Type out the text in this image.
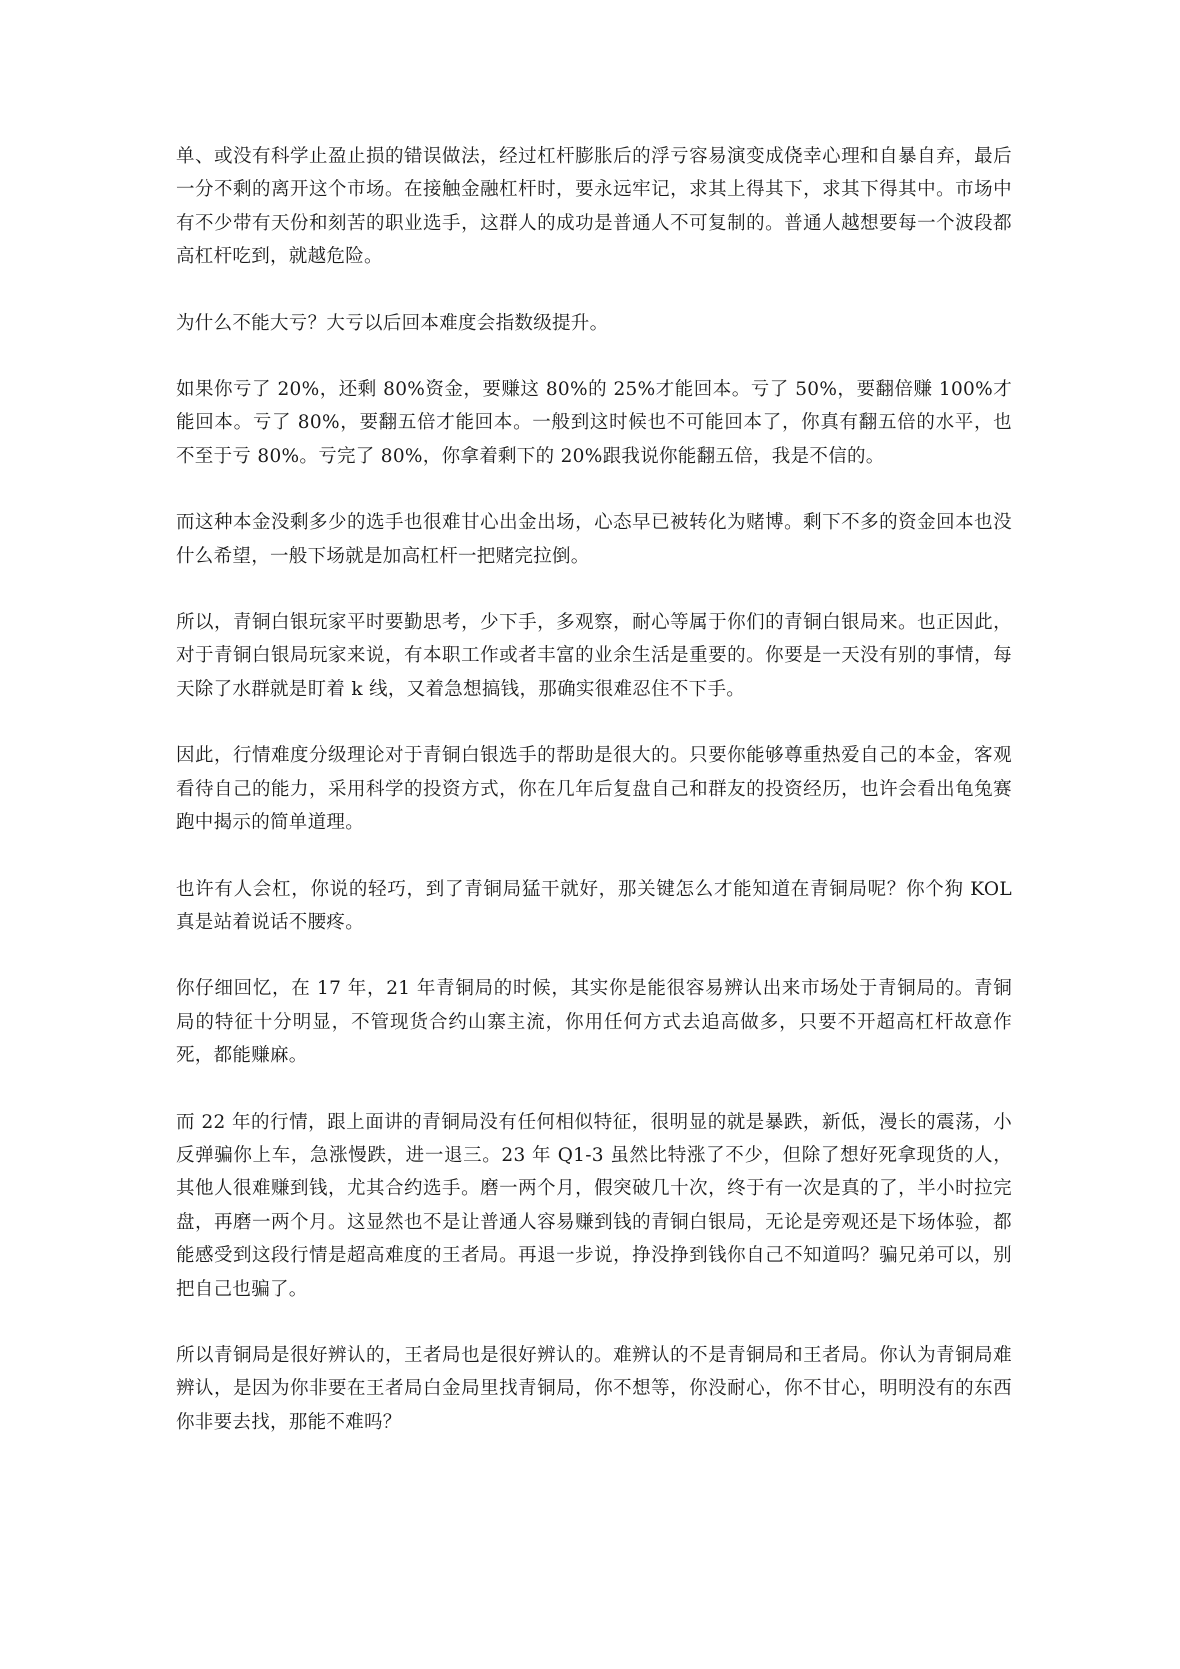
单、或没有科学止盈止损的错误做法，经过杠杆膨胀后的浮亏容易演变成侥幸心理和自暴自弃，最后一分不剩的离开这个市场。在接触金融杠杆时，要永远牢记，求其上得其下，求其下得其中。市场中有不少带有天份和刻苦的职业选手，这群人的成功是普通人不可复制的。普通人越想要每一个波段都高杠杆吃到，就越危险。

为什么不能大亏？大亏以后回本难度会指数级提升。

如果你亏了 20%，还剩 80%资金，要赚这 80%的 25%才能回本。亏了 50%，要翻倍赚 100%才能回本。亏了 80%，要翻五倍才能回本。一般到这时候也不可能回本了，你真有翻五倍的水平，也不至于亏 80%。亏完了 80%，你拿着剩下的 20%跟我说你能翻五倍，我是不信的。

而这种本金没剩多少的选手也很难甘心出金出场，心态早已被转化为赌博。剩下不多的资金回本也没什么希望，一般下场就是加高杠杆一把赌完拉倒。

所以，青铜白银玩家平时要勤思考，少下手，多观察，耐心等属于你们的青铜白银局来。也正因此，对于青铜白银局玩家来说，有本职工作或者丰富的业余生活是重要的。你要是一天没有别的事情，每天除了水群就是盯着 k 线，又着急想搞钱，那确实很难忍住不下手。

因此，行情难度分级理论对于青铜白银选手的帮助是很大的。只要你能够尊重热爱自己的本金，客观看待自己的能力，采用科学的投资方式，你在几年后复盘自己和群友的投资经历，也许会看出龟兔赛跑中揭示的简单道理。

也许有人会杠，你说的轻巧，到了青铜局猛干就好，那关键怎么才能知道在青铜局呢？你个狗 KOL 真是站着说话不腰疼。

你仔细回忆，在 17 年，21 年青铜局的时候，其实你是能很容易辨认出来市场处于青铜局的。青铜局的特征十分明显，不管现货合约山寨主流，你用任何方式去追高做多，只要不开超高杠杆故意作死，都能赚麻。

而 22 年的行情，跟上面讲的青铜局没有任何相似特征，很明显的就是暴跌，新低，漫长的震荡，小反弹骗你上车，急涨慢跌，进一退三。23 年 Q1-3 虽然比特涨了不少，但除了想好死拿现货的人，其他人很难赚到钱，尤其合约选手。磨一两个月，假突破几十次，终于有一次是真的了，半小时拉完盘，再磨一两个月。这显然也不是让普通人容易赚到钱的青铜白银局，无论是旁观还是下场体验，都能感受到这段行情是超高难度的王者局。再退一步说，挣没挣到钱你自己不知道吗？骗兄弟可以，别把自己也骗了。

所以青铜局是很好辨认的，王者局也是很好辨认的。难辨认的不是青铜局和王者局。你认为青铜局难辨认，是因为你非要在王者局白金局里找青铜局，你不想等，你没耐心，你不甘心，明明没有的东西你非要去找，那能不难吗？
